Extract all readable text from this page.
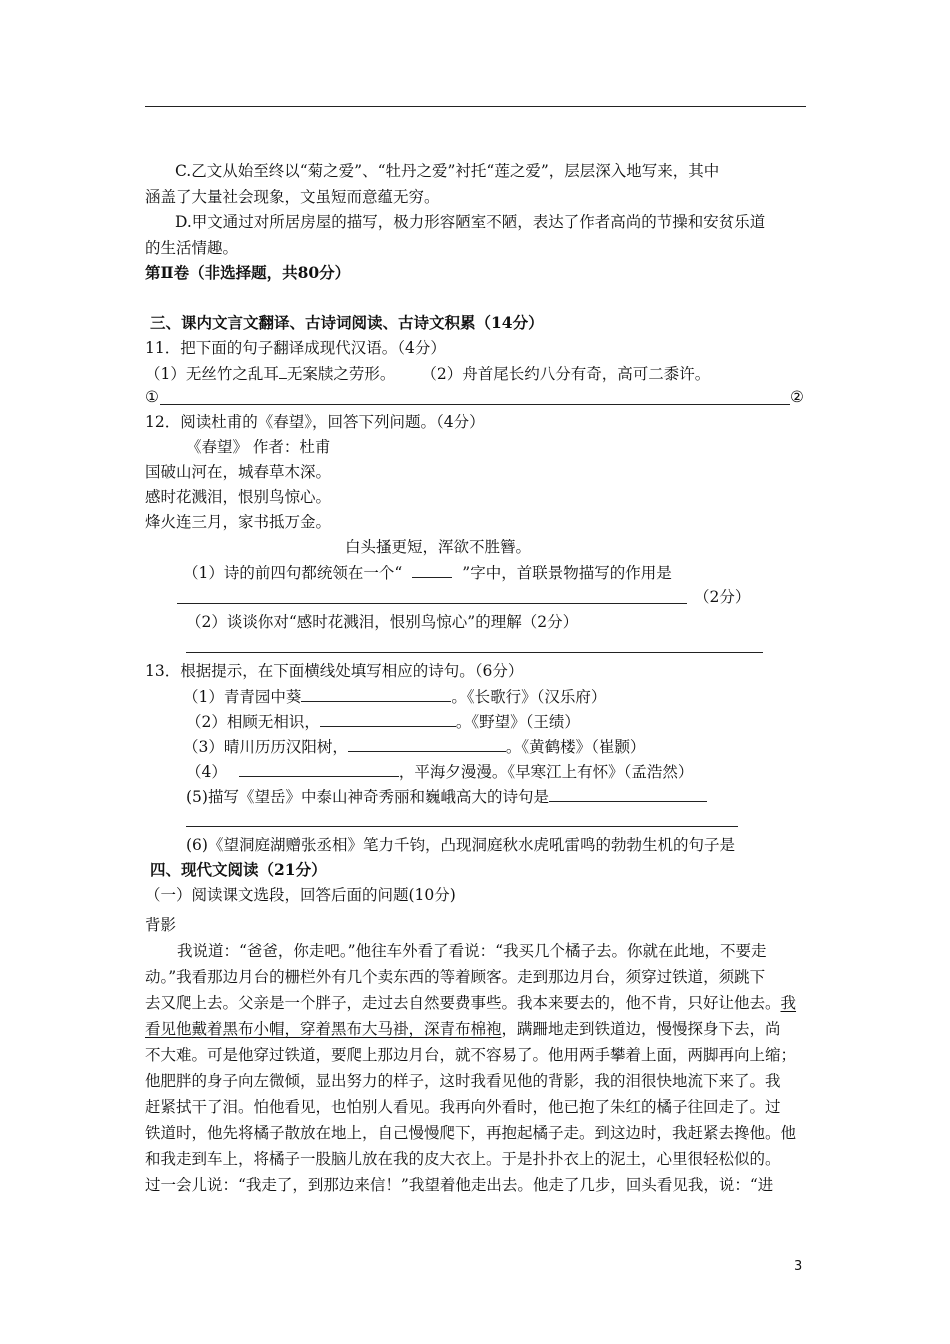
C.乙文从始至终以“菊之爱”、“牡丹之爱”衬托“莲之爱”，层层深入地写来，其中
涵盖了大量社会现象，文虽短而意蕴无穷。
D.甲文通过对所居房屋的描写，极力形容陋室不陋，表达了作者高尚的节操和安贫乐道
的生活情趣。
第Ⅱ卷（非选择题，共80分）
三、课内文言文翻译、古诗词阅读、古诗文积累（14分）
11．把下面的句子翻译成现代汉语。（4分）
（1）无丝竹之乱耳 无案牍之劳形。 （2）舟首尾长约八分有奇，高可二黍许。
①	②
12．阅读杜甫的《春望》，回答下列问题。（4分）
《春望》 作者：杜甫
国破山河在，城春草木深。
感时花溅泪，恨别鸟惊心。
烽火连三月，家书抵万金。
白头搔更短，浑欲不胜簪。
（1）诗的前四句都统领在一个“	”字中，首联景物描写的作用是
（2分）
（2）谈谈你对“感时花溅泪，恨别鸟惊心”的理解（2分）
13．根据提示，在下面横线处填写相应的诗句。（6分）
（1）青青园中葵	。《长歌行》（汉乐府）
（2）相顾无相识，	。《野望》（王绩）
（3）晴川历历汉阳树，	。《黄鹤楼》（崔颢）
（4）	，平海夕漫漫。《早寒江上有怀》（孟浩然）
(5)描写《望岳》中泰山神奇秀丽和巍峨高大的诗句是
(6)《望洞庭湖赠张丞相》笔力千钧，凸现洞庭秋水虎吼雷鸣的勃勃生机的句子是
四、现代文阅读（21分）
（一）阅读课文选段，回答后面的问题(10分)
背影
我说道：“爸爸，你走吧。”他往车外看了看说：“我买几个橘子去。你就在此地，不要走
动。”我看那边月台的栅栏外有几个卖东西的等着顾客。走到那边月台，须穿过铁道，须跳下
去又爬上去。父亲是一个胖子，走过去自然要费事些。我本来要去的，他不肯，只好让他去。我
看见他戴着黑布小帽，穿着黑布大马褂，深青布棉袍，蹒跚地走到铁道边，慢慢探身下去，尚
不大难。可是他穿过铁道，要爬上那边月台，就不容易了。他用两手攀着上面，两脚再向上缩；
他肥胖的身子向左微倾，显出努力的样子，这时我看见他的背影，我的泪很快地流下来了。我
赶紧拭干了泪。怕他看见，也怕别人看见。我再向外看时，他已抱了朱红的橘子往回走了。过
铁道时，他先将橘子散放在地上，自己慢慢爬下，再抱起橘子走。到这边时，我赶紧去搀他。他
和我走到车上，将橘子一股脑儿放在我的皮大衣上。于是扑扑衣上的泥土，心里很轻松似的。
过一会儿说：“我走了，到那边来信！”我望着他走出去。他走了几步，回头看见我，说：“进
3
